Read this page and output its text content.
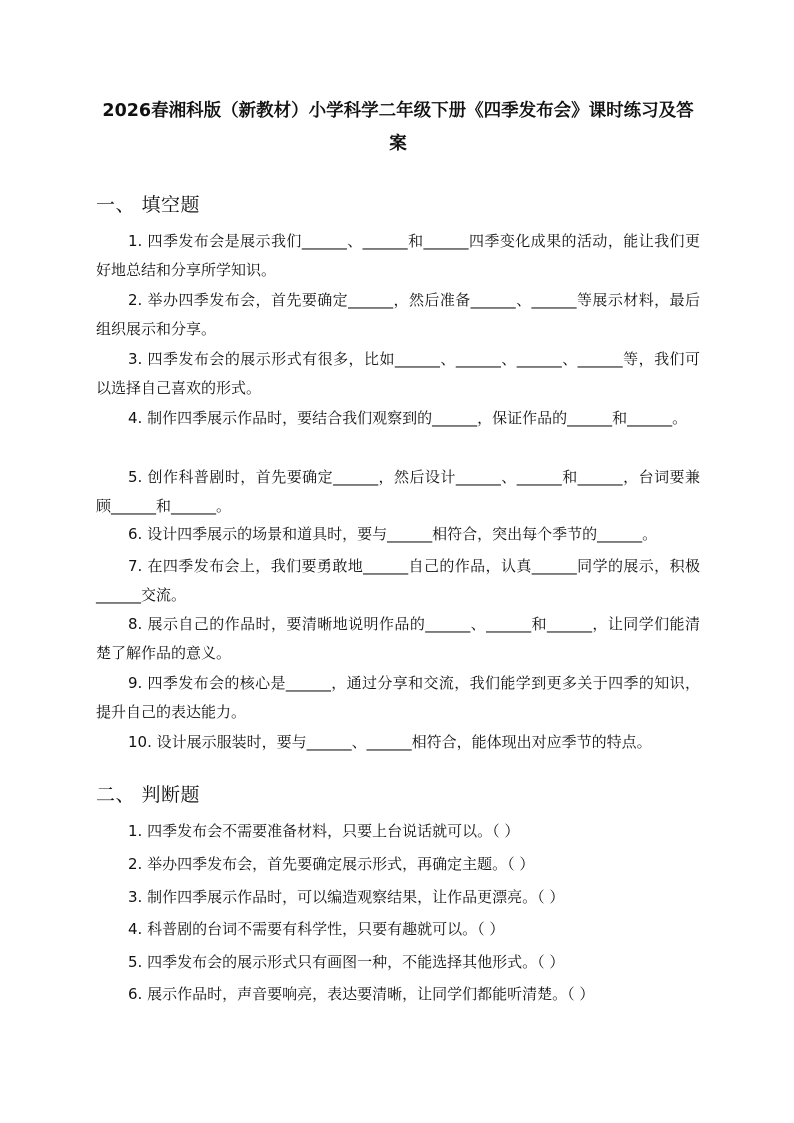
2026春湘科版（新教材）小学科学二年级下册《四季发布会》课时练习及答案
一、 填空题
1. 四季发布会是展示我们______、______和______四季变化成果的活动，能让我们更好地总结和分享所学知识。
2. 举办四季发布会，首先要确定______，然后准备______、______等展示材料，最后组织展示和分享。
3. 四季发布会的展示形式有很多，比如______、______、______、______等，我们可以选择自己喜欢的形式。
4. 制作四季展示作品时，要结合我们观察到的______，保证作品的______和______。
5. 创作科普剧时，首先要确定______，然后设计______、______和______，台词要兼顾______和______。
6. 设计四季展示的场景和道具时，要与______相符合，突出每个季节的______。
7. 在四季发布会上，我们要勇敢地______自己的作品，认真______同学的展示，积极______交流。
8. 展示自己的作品时，要清晰地说明作品的______、______和______，让同学们能清楚了解作品的意义。
9. 四季发布会的核心是______，通过分享和交流，我们能学到更多关于四季的知识，提升自己的表达能力。
10. 设计展示服装时，要与______、______相符合，能体现出对应季节的特点。
二、 判断题
1. 四季发布会不需要准备材料，只要上台说话就可以。（ ）
2. 举办四季发布会，首先要确定展示形式，再确定主题。（ ）
3. 制作四季展示作品时，可以编造观察结果，让作品更漂亮。（ ）
4. 科普剧的台词不需要有科学性，只要有趣就可以。（ ）
5. 四季发布会的展示形式只有画图一种，不能选择其他形式。（ ）
6. 展示作品时，声音要响亮，表达要清晰，让同学们都能听清楚。（ ）
